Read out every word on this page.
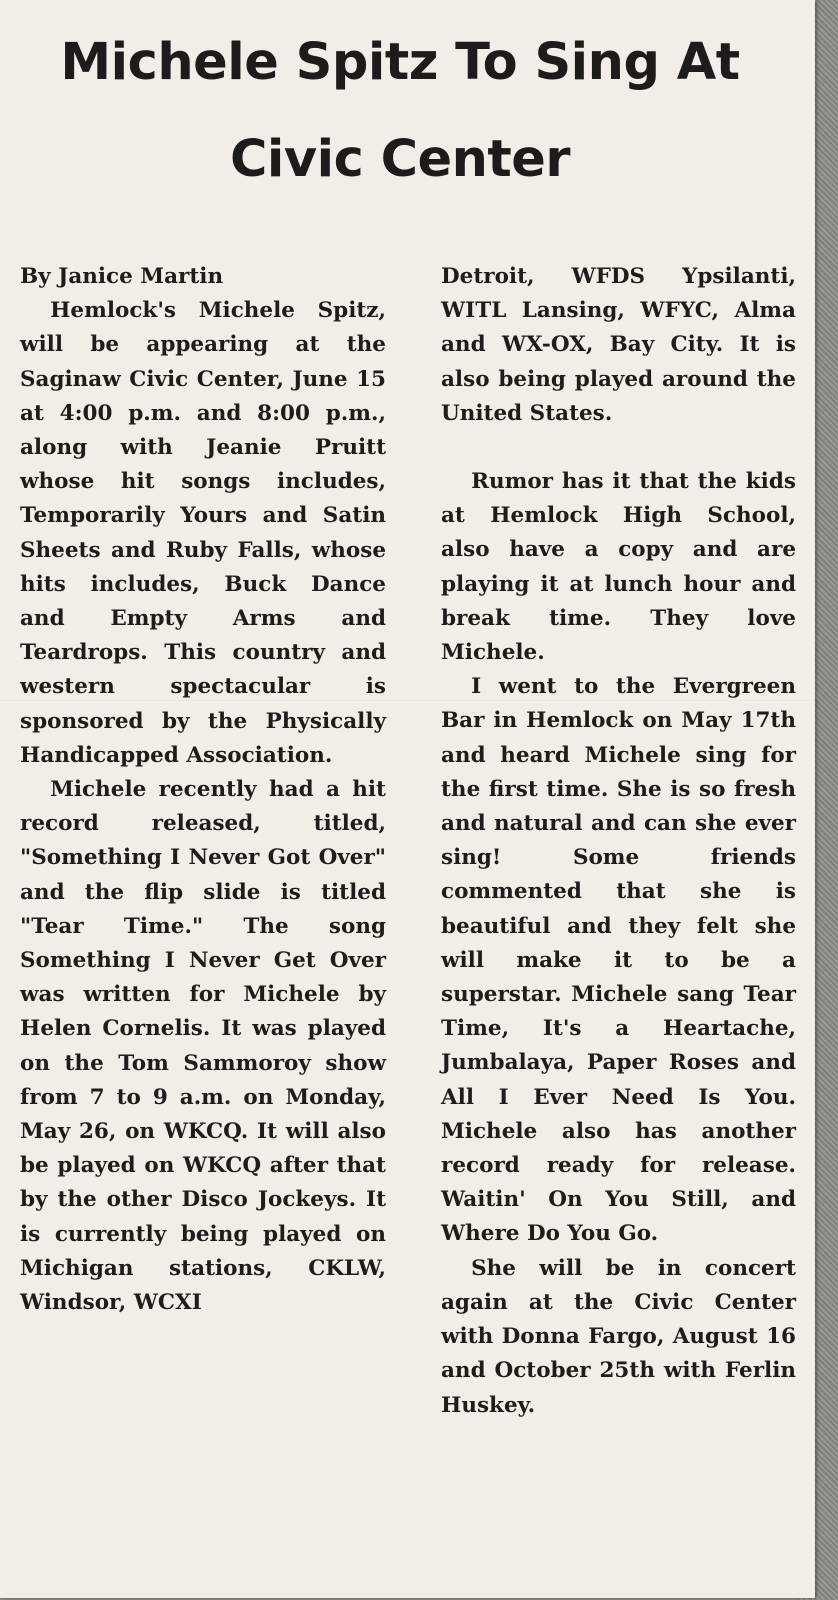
Michele Spitz To Sing At Civic Center

By Janice Martin

Hemlock's Michele Spitz, will be appearing at the Saginaw Civic Center, June 15 at 4:00 p.m. and 8:00 p.m., along with Jeanie Pruitt whose hit songs includes, Temporarily Yours and Satin Sheets and Ruby Falls, whose hits includes, Buck Dance and Empty Arms and Teardrops. This country and western spectacular is sponsored by the Physically Handicapped Association.

Michele recently had a hit record released, titled, "Something I Never Got Over" and the flip slide is titled "Tear Time." The song Something I Never Get Over was written for Michele by Helen Cornelis. It was played on the Tom Sammoroy show from 7 to 9 a.m. on Monday, May 26, on WKCQ. It will also be played on WKCQ after that by the other Disco Jockeys. It is currently being played on Michigan stations, CKLW, Windsor, WCXI

Detroit, WFDS Ypsilanti, WITL Lansing, WFYC, Alma and WX-OX, Bay City. It is also being played around the United States.

Rumor has it that the kids at Hemlock High School, also have a copy and are playing it at lunch hour and break time. They love Michele.

I went to the Evergreen Bar in Hemlock on May 17th and heard Michele sing for the first time. She is so fresh and natural and can she ever sing! Some friends commented that she is beautiful and they felt she will make it to be a superstar. Michele sang Tear Time, It's a Heartache, Jumbalaya, Paper Roses and All I Ever Need Is You. Michele also has another record ready for release. Waitin' On You Still, and Where Do You Go.

She will be in concert again at the Civic Center with Donna Fargo, August 16 and October 25th with Ferlin Huskey.
